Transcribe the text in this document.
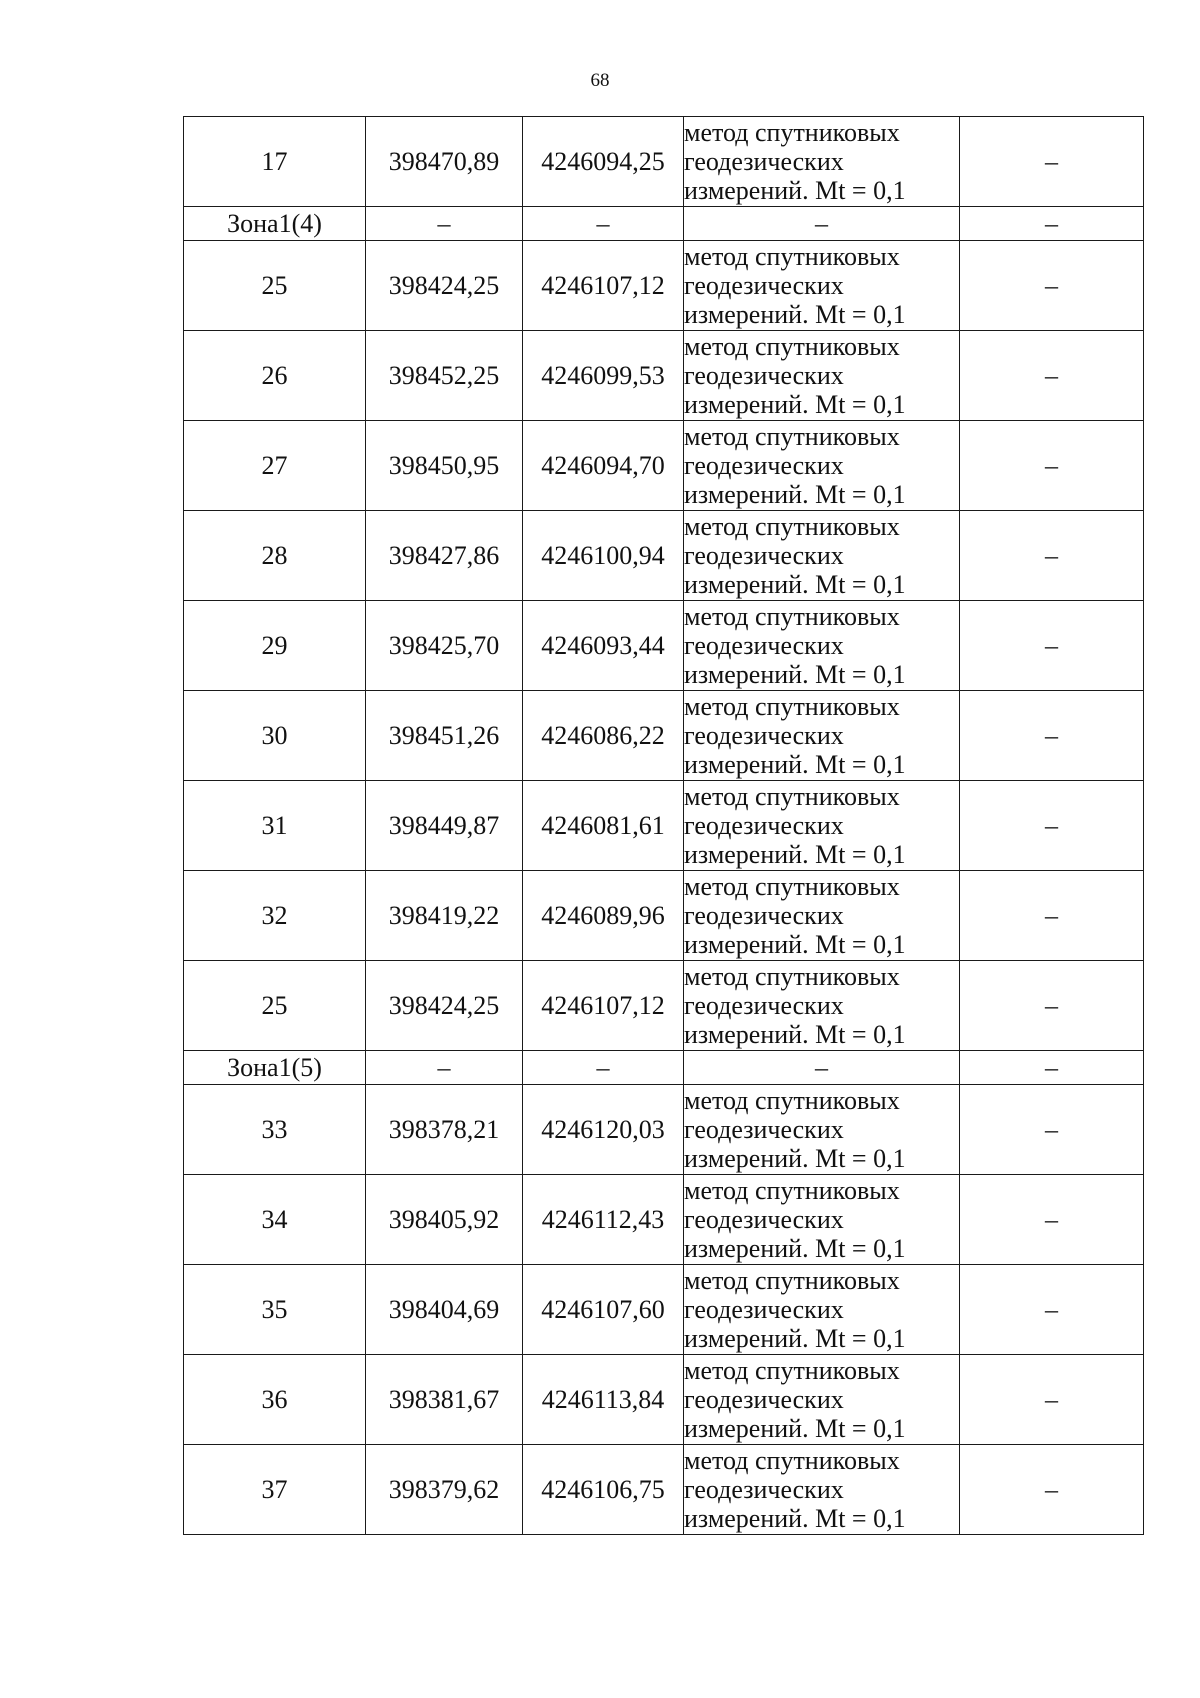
68
17	398470,89	4246094,25	метод спутниковых
геодезических
измерений. Mt = 0,1	–
Зона1(4)	–	–	–	–
25	398424,25	4246107,12	метод спутниковых
геодезических
измерений. Mt = 0,1	–
26	398452,25	4246099,53	метод спутниковых
геодезических
измерений. Mt = 0,1	–
27	398450,95	4246094,70	метод спутниковых
геодезических
измерений. Mt = 0,1	–
28	398427,86	4246100,94	метод спутниковых
геодезических
измерений. Mt = 0,1	–
29	398425,70	4246093,44	метод спутниковых
геодезических
измерений. Mt = 0,1	–
30	398451,26	4246086,22	метод спутниковых
геодезических
измерений. Mt = 0,1	–
31	398449,87	4246081,61	метод спутниковых
геодезических
измерений. Mt = 0,1	–
32	398419,22	4246089,96	метод спутниковых
геодезических
измерений. Mt = 0,1	–
25	398424,25	4246107,12	метод спутниковых
геодезических
измерений. Mt = 0,1	–
Зона1(5)	–	–	–	–
33	398378,21	4246120,03	метод спутниковых
геодезических
измерений. Mt = 0,1	–
34	398405,92	4246112,43	метод спутниковых
геодезических
измерений. Mt = 0,1	–
35	398404,69	4246107,60	метод спутниковых
геодезических
измерений. Mt = 0,1	–
36	398381,67	4246113,84	метод спутниковых
геодезических
измерений. Mt = 0,1	–
37	398379,62	4246106,75	метод спутниковых
геодезических
измерений. Mt = 0,1	–
